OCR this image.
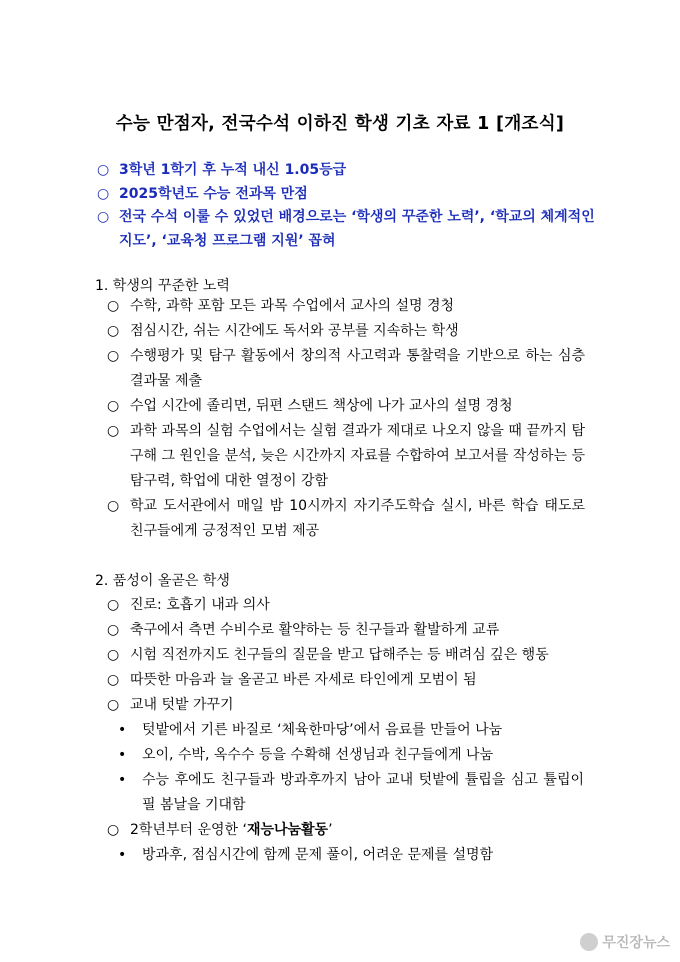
수능 만점자, 전국수석 이하진 학생 기초 자료 1 [개조식]
○ 3학년 1학기 후 누적 내신 1.05등급
○ 2025학년도 수능 전과목 만점
○ 전국 수석 이룰 수 있었던 배경으로는 ‘학생의 꾸준한 노력’, ‘학교의 체계적인 지도’, ‘교육청 프로그램 지원’ 꼽혀
1. 학생의 꾸준한 노력
○ 수학, 과학 포함 모든 과목 수업에서 교사의 설명 경청
○ 점심시간, 쉬는 시간에도 독서와 공부를 지속하는 학생
○ 수행평가 및 탐구 활동에서 창의적 사고력과 통찰력을 기반으로 하는 심층 결과물 제출
○ 수업 시간에 졸리면, 뒤편 스탠드 책상에 나가 교사의 설명 경청
○ 과학 과목의 실험 수업에서는 실험 결과가 제대로 나오지 않을 때 끝까지 탐구해 그 원인을 분석, 늦은 시간까지 자료를 수합하여 보고서를 작성하는 등 탐구력, 학업에 대한 열정이 강함
○ 학교 도서관에서 매일 밤 10시까지 자기주도학습 실시, 바른 학습 태도로 친구들에게 긍정적인 모범 제공
2. 품성이 올곧은 학생
○ 진로: 호흡기 내과 의사
○ 축구에서 측면 수비수로 활약하는 등 친구들과 활발하게 교류
○ 시험 직전까지도 친구들의 질문을 받고 답해주는 등 배려심 깊은 행동
○ 따뜻한 마음과 늘 올곧고 바른 자세로 타인에게 모범이 됨
○ 교내 텃밭 가꾸기
•	텃밭에서 기른 바질로 ‘체육한마당’에서 음료를 만들어 나눔
•	오이, 수박, 옥수수 등을 수확해 선생님과 친구들에게 나눔
•	수능 후에도 친구들과 방과후까지 남아 교내 텃밭에 튤립을 심고 튤립이 필 봄날을 기대함
○ 2학년부터 운영한 ‘재능나눔활동’
•	방과후, 점심시간에 함께 문제 풀이, 어려운 문제를 설명함
무진장뉴스
